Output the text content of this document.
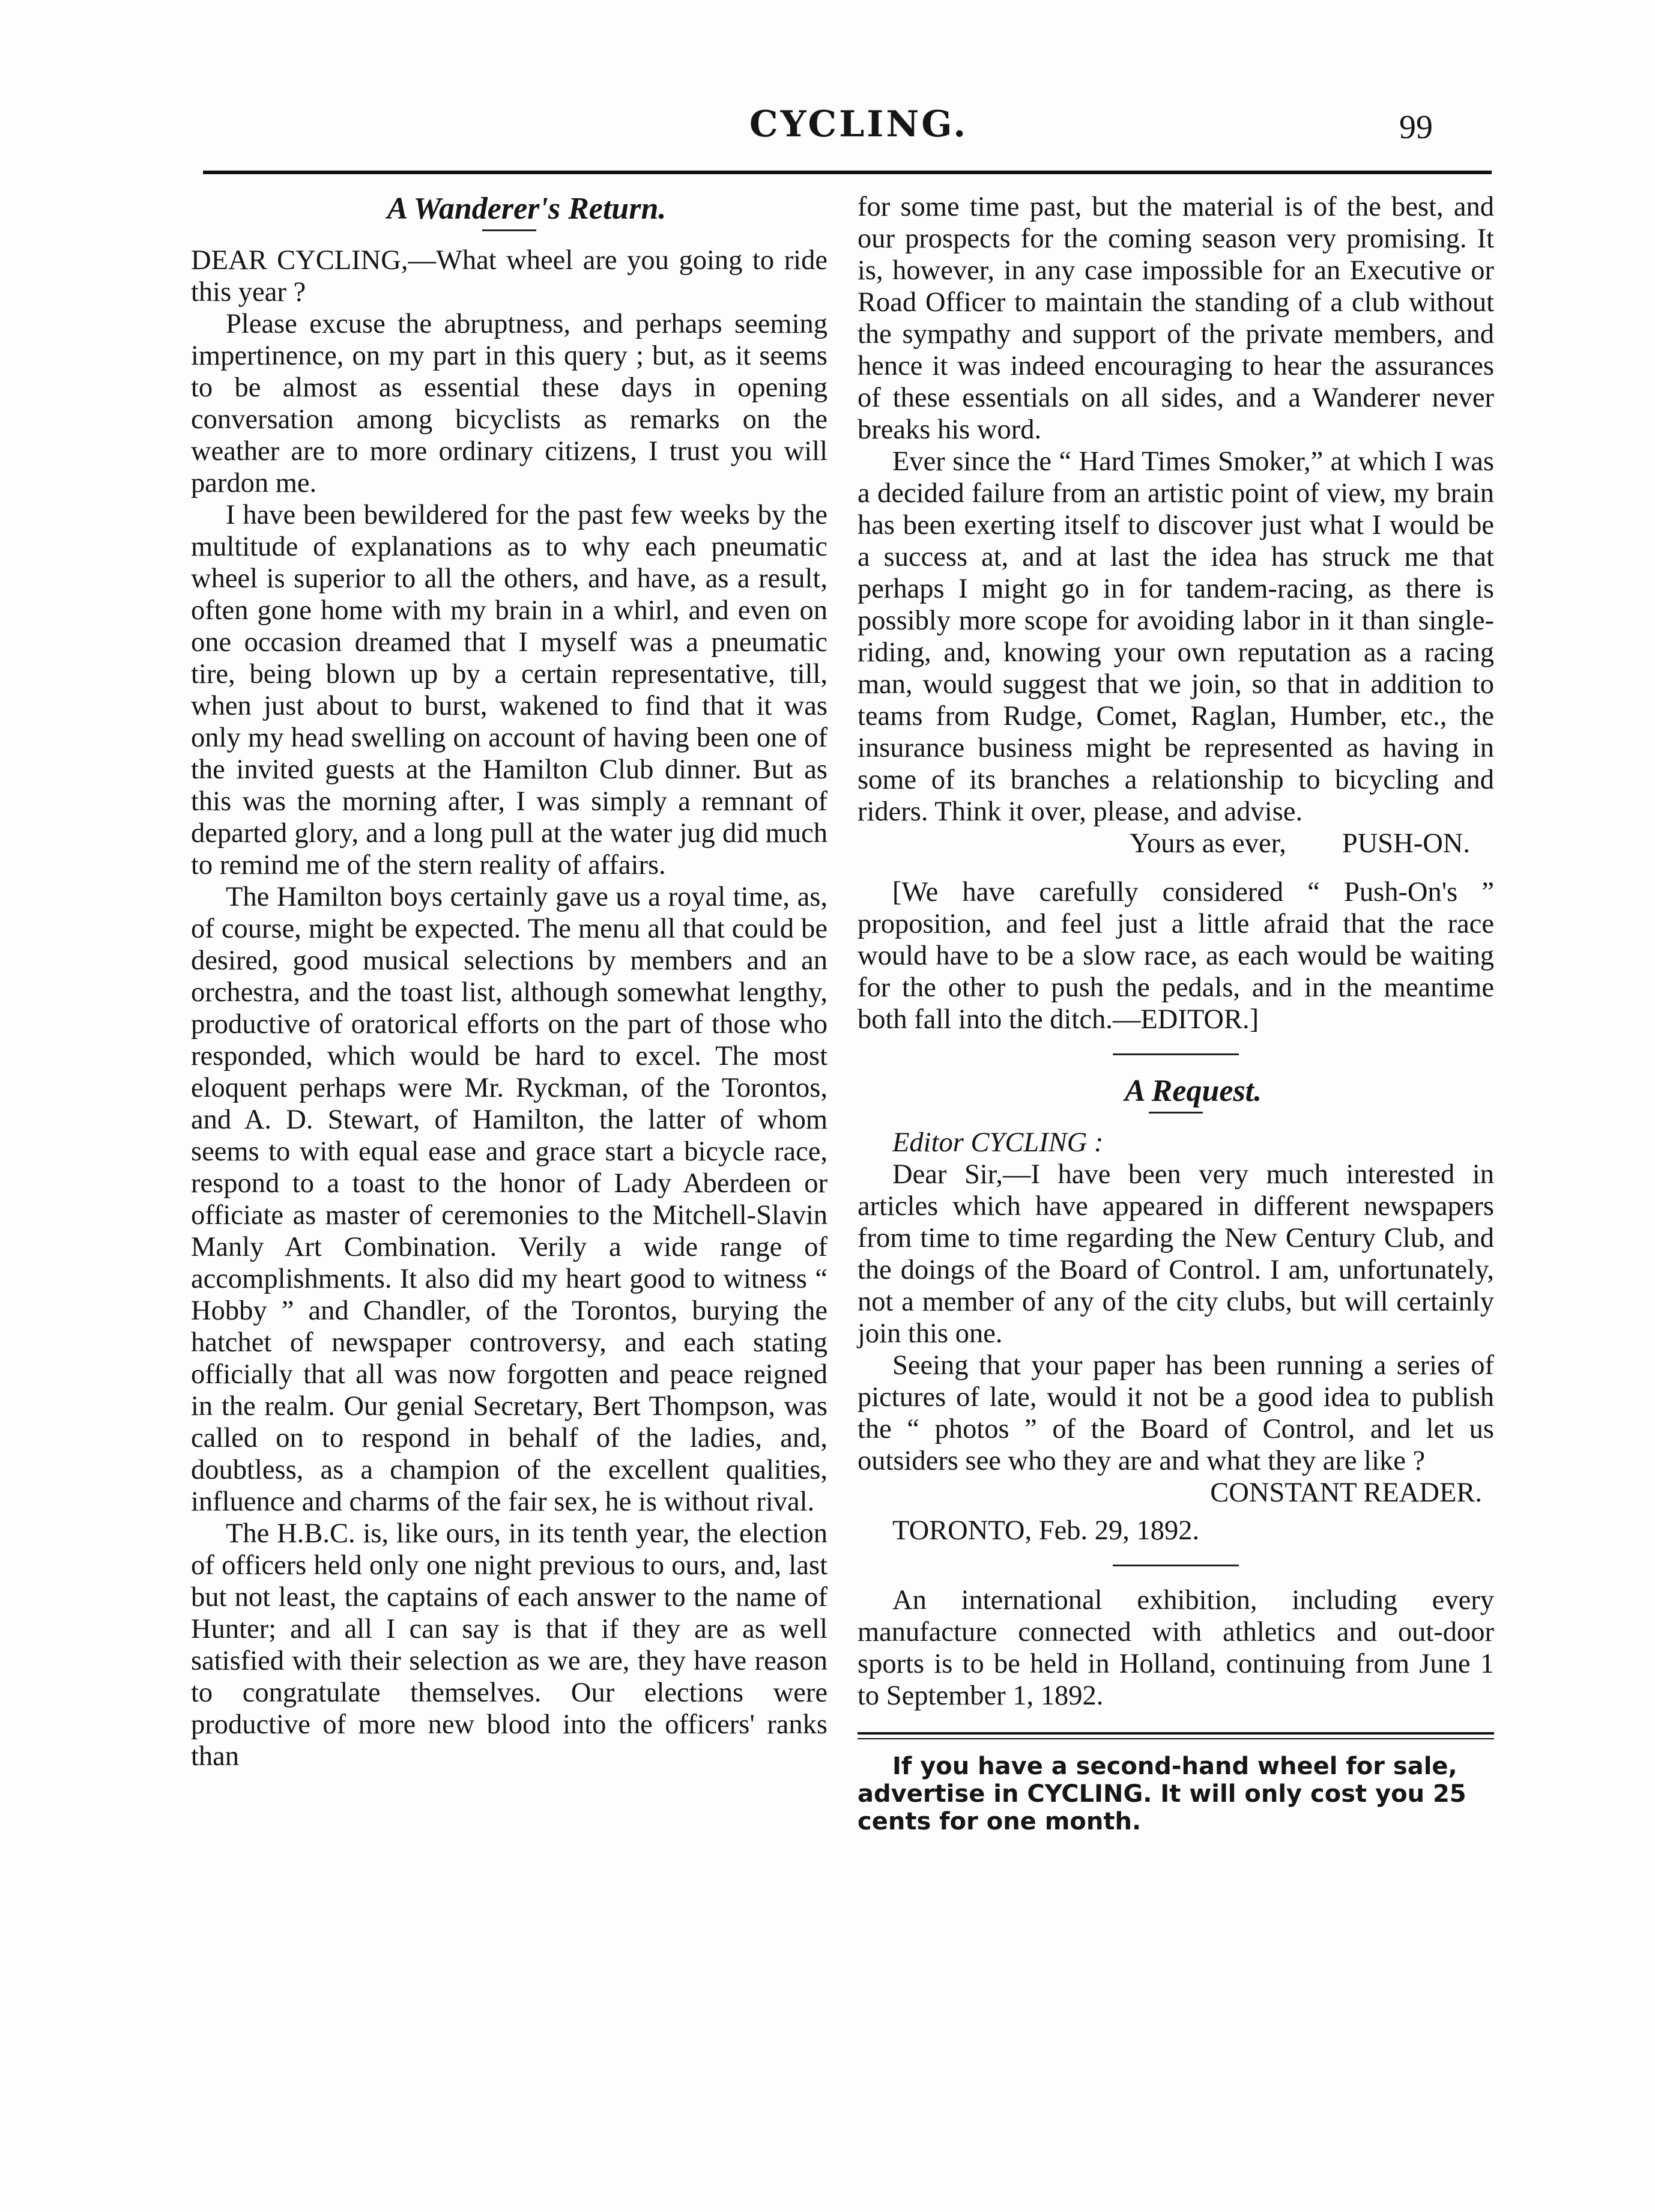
CYCLING.	99

A Wanderer's Return.

DEAR CYCLING,—What wheel are you going to ride this year ?

Please excuse the abruptness, and perhaps seeming impertinence, on my part in this query ; but, as it seems to be almost as essential these days in opening conversation among bicyclists as remarks on the weather are to more ordinary citizens, I trust you will pardon me.

I have been bewildered for the past few weeks by the multitude of explanations as to why each pneumatic wheel is superior to all the others, and have, as a result, often gone home with my brain in a whirl, and even on one occasion dreamed that I myself was a pneumatic tire, being blown up by a certain representative, till, when just about to burst, wakened to find that it was only my head swelling on account of having been one of the invited guests at the Hamilton Club dinner. But as this was the morning after, I was simply a remnant of departed glory, and a long pull at the water jug did much to remind me of the stern reality of affairs.

The Hamilton boys certainly gave us a royal time, as, of course, might be expected. The menu all that could be desired, good musical selections by members and an orchestra, and the toast list, although somewhat lengthy, productive of oratorical efforts on the part of those who responded, which would be hard to excel. The most eloquent perhaps were Mr. Ryckman, of the Torontos, and A. D. Stewart, of Hamilton, the latter of whom seems to with equal ease and grace start a bicycle race, respond to a toast to the honor of Lady Aberdeen or officiate as master of ceremonies to the Mitchell-Slavin Manly Art Combination. Verily a wide range of accomplishments. It also did my heart good to witness “ Hobby ” and Chandler, of the Torontos, burying the hatchet of newspaper controversy, and each stating officially that all was now forgotten and peace reigned in the realm. Our genial Secretary, Bert Thompson, was called on to respond in behalf of the ladies, and, doubtless, as a champion of the excellent qualities, influence and charms of the fair sex, he is without rival.

The H.B.C. is, like ours, in its tenth year, the election of officers held only one night previous to ours, and, last but not least, the captains of each answer to the name of Hunter; and all I can say is that if they are as well satisfied with their selection as we are, they have reason to congratulate themselves. Our elections were productive of more new blood into the officers' ranks than

for some time past, but the material is of the best, and our prospects for the coming season very promising. It is, however, in any case impossible for an Executive or Road Officer to maintain the standing of a club without the sympathy and support of the private members, and hence it was indeed encouraging to hear the assurances of these essentials on all sides, and a Wanderer never breaks his word.

Ever since the “ Hard Times Smoker,” at which I was a decided failure from an artistic point of view, my brain has been exerting itself to discover just what I would be a success at, and at last the idea has struck me that perhaps I might go in for tandem-racing, as there is possibly more scope for avoiding labor in it than single-riding, and, knowing your own reputation as a racing man, would suggest that we join, so that in addition to teams from Rudge, Comet, Raglan, Humber, etc., the insurance business might be represented as having in some of its branches a relationship to bicycling and riders. Think it over, please, and advise.

Yours as ever,  PUSH-ON.

[We have carefully considered “ Push-On's ” proposition, and feel just a little afraid that the race would have to be a slow race, as each would be waiting for the other to push the pedals, and in the meantime both fall into the ditch.—EDITOR.]

A Request.

Editor CYCLING :

Dear Sir,—I have been very much interested in articles which have appeared in different newspapers from time to time regarding the New Century Club, and the doings of the Board of Control. I am, unfortunately, not a member of any of the city clubs, but will certainly join this one.

Seeing that your paper has been running a series of pictures of late, would it not be a good idea to publish the “ photos ” of the Board of Control, and let us outsiders see who they are and what they are like ?

CONSTANT READER.

TORONTO, Feb. 29, 1892.

An international exhibition, including every manufacture connected with athletics and out-door sports is to be held in Holland, continuing from June 1 to September 1, 1892.

If you have a second-hand wheel for sale, advertise in CYCLING. It will only cost you 25 cents for one month.
